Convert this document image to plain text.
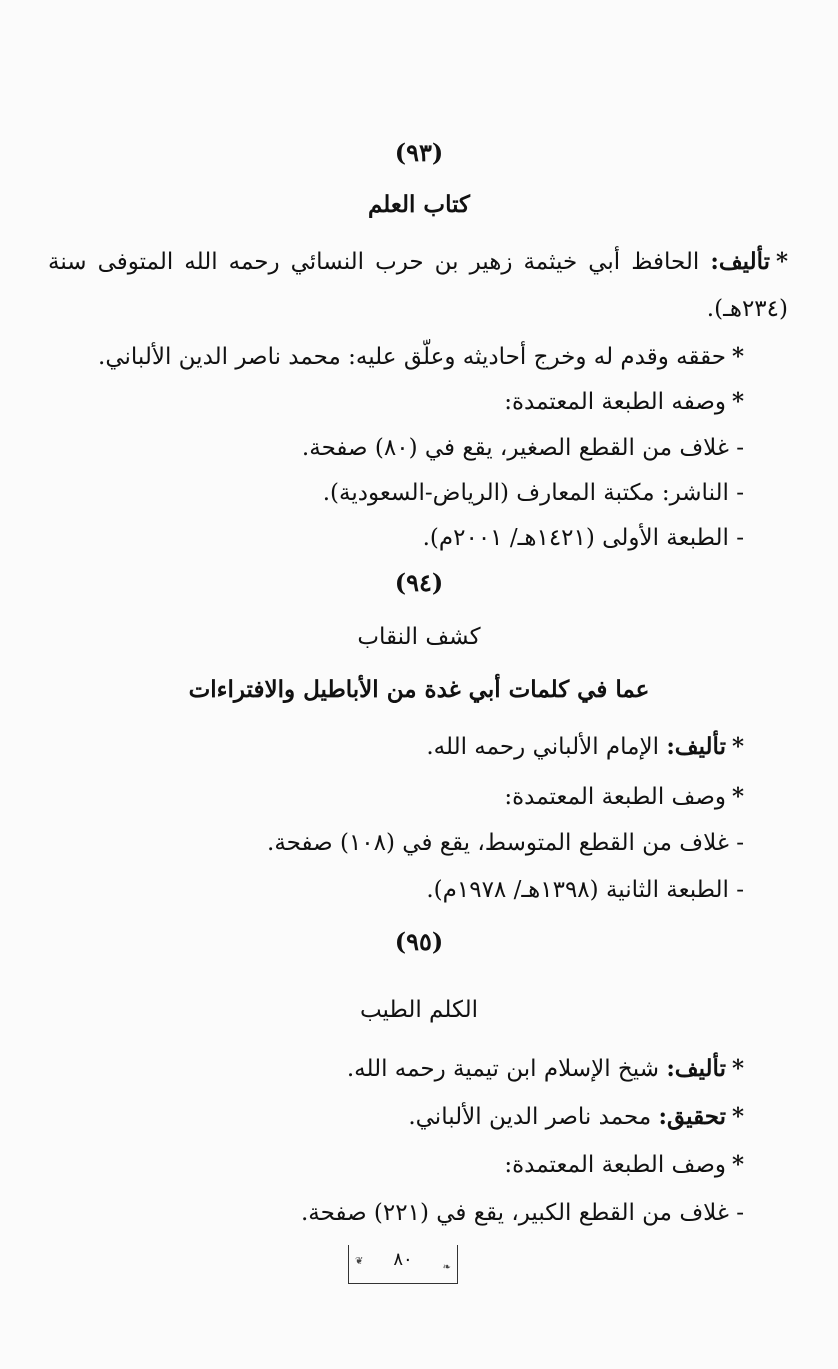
(٩٣)
كتاب العلم
*تأليف: الحافظ أبي خيثمة زهير بن حرب النسائي رحمه الله المتوفى سنة
(٢٣٤هـ).
*حققه وقدم له وخرج أحاديثه وعلّق عليه: محمد ناصر الدين الألباني.
*وصفه الطبعة المعتمدة:
- غلاف من القطع الصغير، يقع في (٨٠) صفحة.
- الناشر: مكتبة المعارف (الرياض-السعودية).
- الطبعة الأولى (١٤٢١هـ/ ٢٠٠١م).
(٩٤)
كشف النقاب
عما في كلمات أبي غدة من الأباطيل والافتراءات
*تأليف: الإمام الألباني رحمه الله.
*وصف الطبعة المعتمدة:
- غلاف من القطع المتوسط، يقع في (١٠٨) صفحة.
- الطبعة الثانية (١٣٩٨هـ/ ١٩٧٨م).
(٩٥)
الكلم الطيب
*تأليف: شيخ الإسلام ابن تيمية رحمه الله.
*تحقيق: محمد ناصر الدين الألباني.
*وصف الطبعة المعتمدة:
- غلاف من القطع الكبير، يقع في (٢٢١) صفحة.
❦ ٨٠	❧
